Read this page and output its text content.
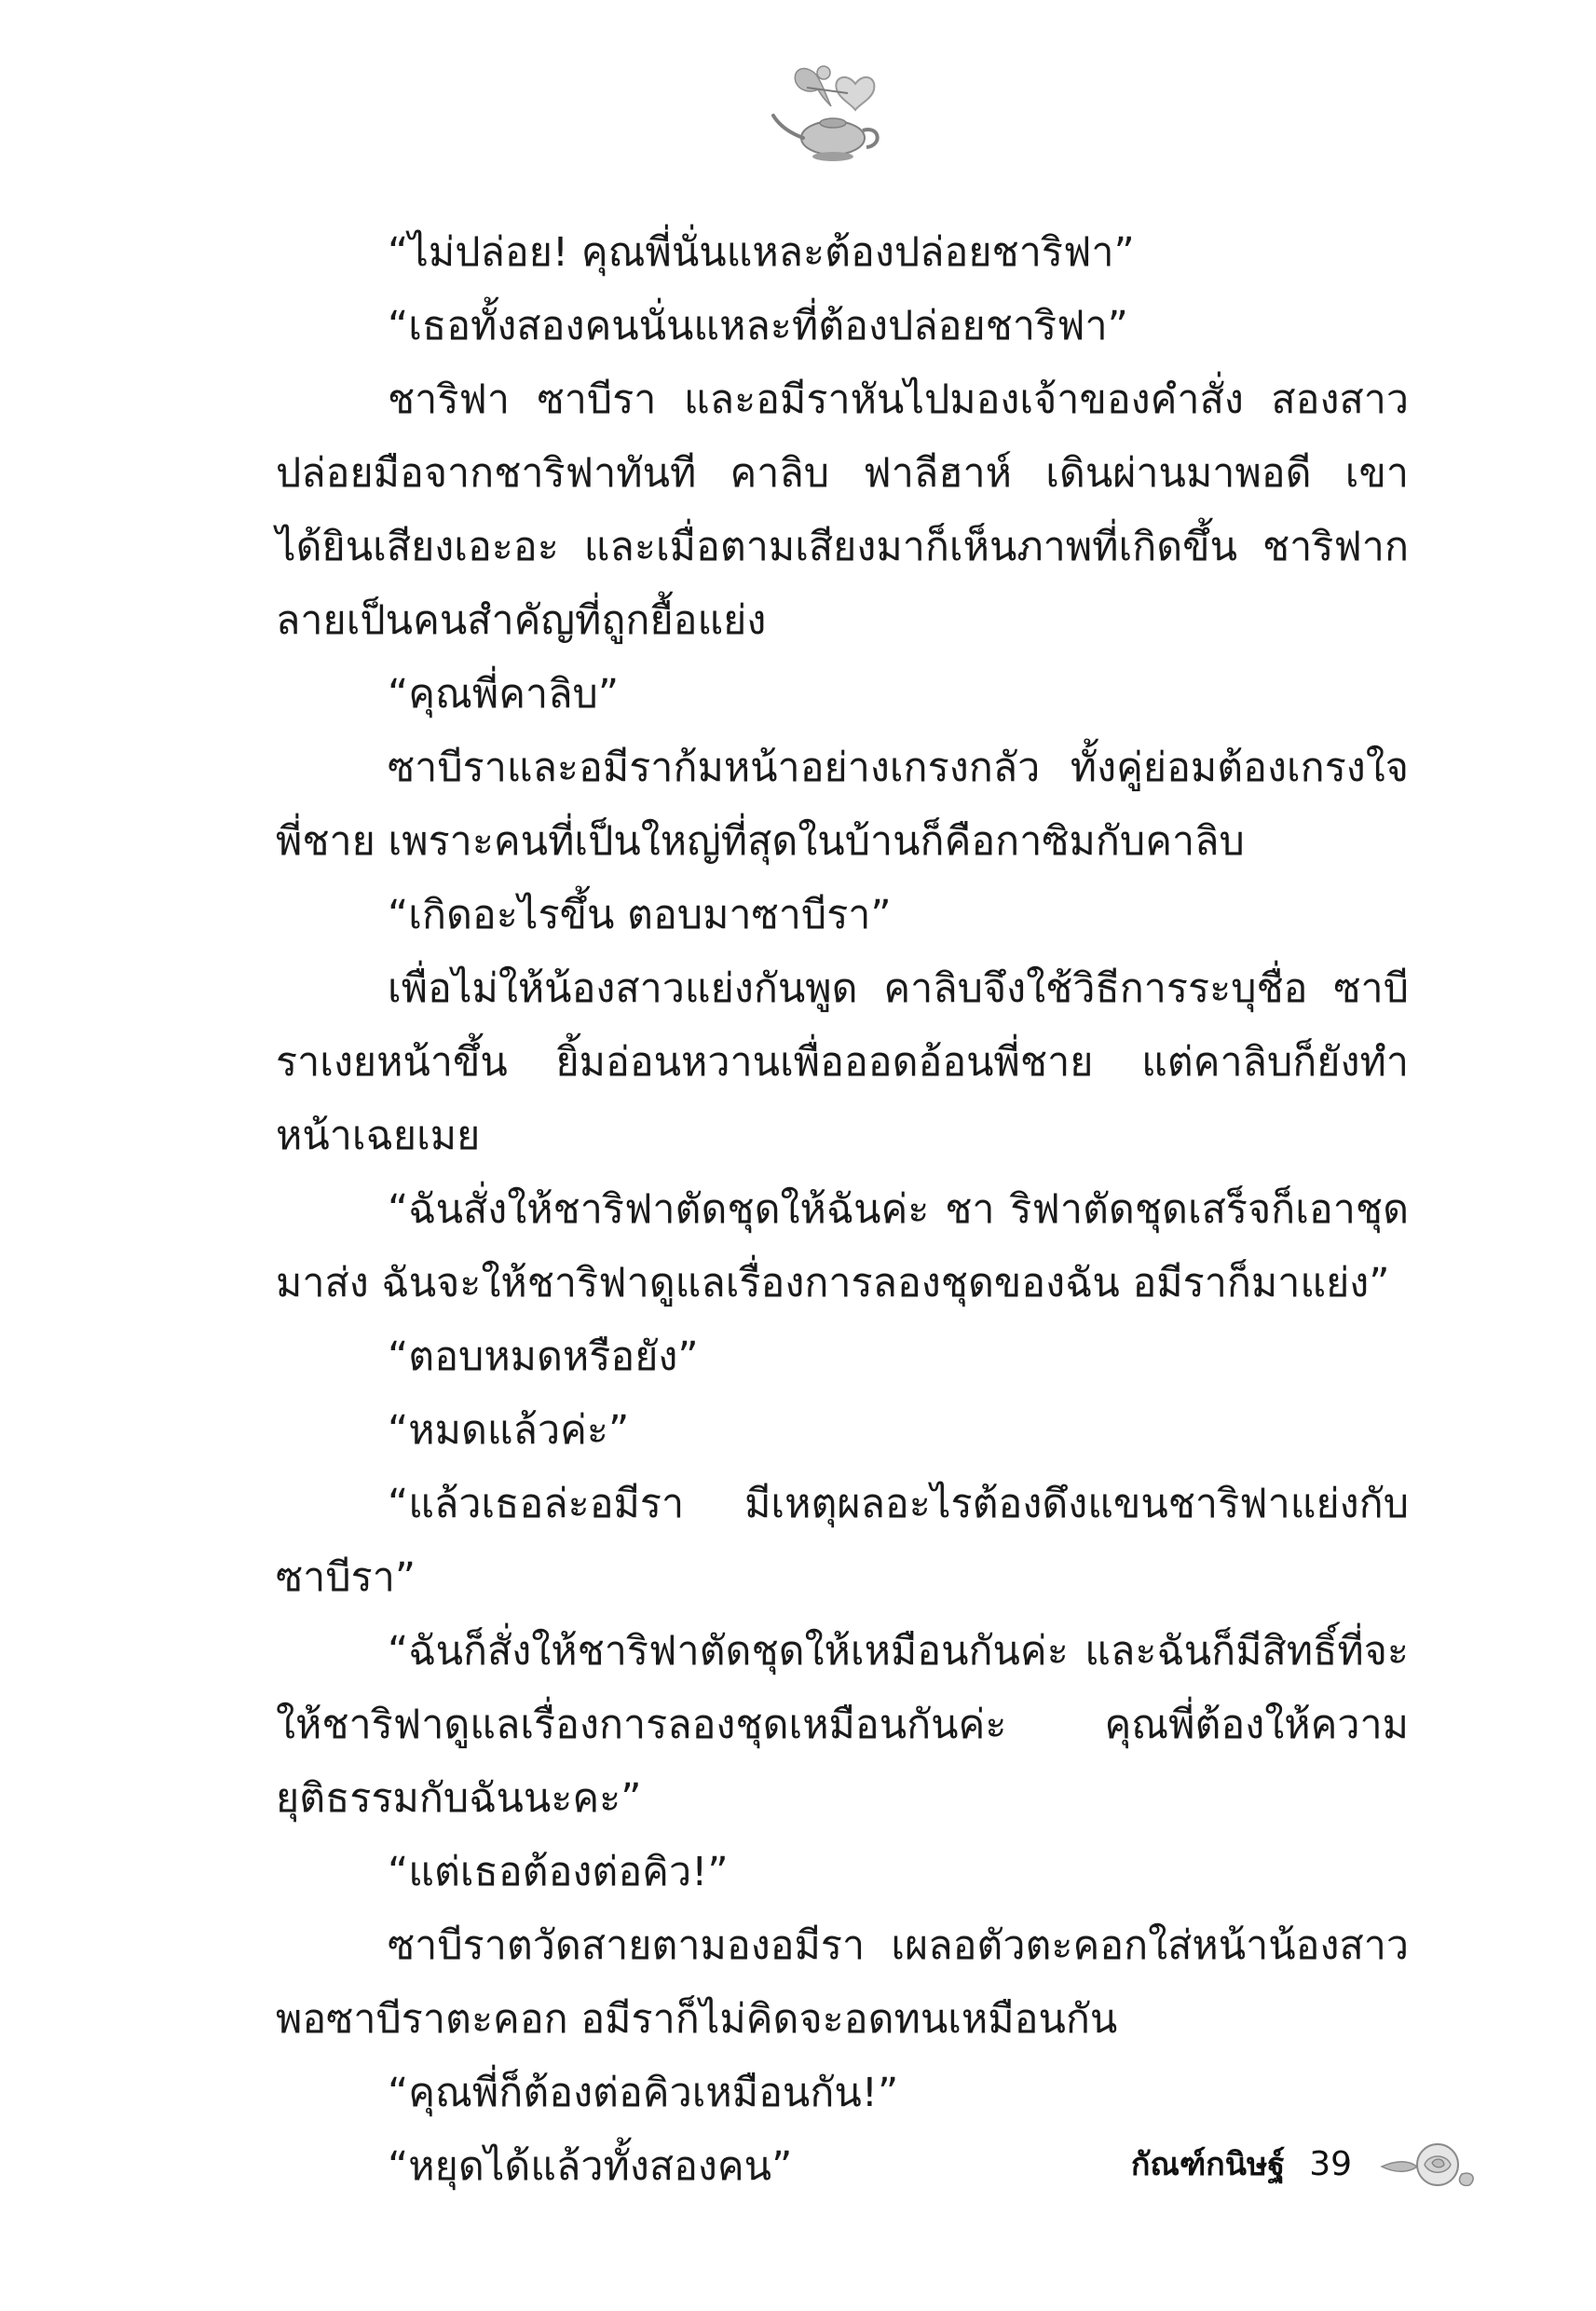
“ไม่ปล่อย! คุณพี่นั่นแหละต้องปล่อยชาริฟา”

“เธอทั้งสองคนนั่นแหละที่ต้องปล่อยชาริฟา”

ชาริฟา ซาบีรา และอมีราหันไปมองเจ้าของคำสั่ง สองสาวปล่อยมือจากชาริฟาทันที คาลิบ ฟาลีฮาห์ เดินผ่านมาพอดี เขาได้ยินเสียงเอะอะ และเมื่อตามเสียงมาก็เห็นภาพที่เกิดขึ้น ชาริฟากลายเป็นคนสำคัญที่ถูกยื้อแย่ง

“คุณพี่คาลิบ”

ซาบีราและอมีราก้มหน้าอย่างเกรงกลัว ทั้งคู่ย่อมต้องเกรงใจพี่ชาย เพราะคนที่เป็นใหญ่ที่สุดในบ้านก็คือกาซิมกับคาลิบ

“เกิดอะไรขึ้น ตอบมาซาบีรา”

เพื่อไม่ให้น้องสาวแย่งกันพูด คาลิบจึงใช้วิธีการระบุชื่อ ซาบีราเงยหน้าขึ้น ยิ้มอ่อนหวานเพื่อออดอ้อนพี่ชาย แต่คาลิบก็ยังทำหน้าเฉยเมย

“ฉันสั่งให้ชาริฟาตัดชุดให้ฉันค่ะ ชา ริฟาตัดชุดเสร็จก็เอาชุดมาส่ง ฉันจะให้ชาริฟาดูแลเรื่องการลองชุดของฉัน อมีราก็มาแย่ง”

“ตอบหมดหรือยัง”

“หมดแล้วค่ะ”

“แล้วเธอล่ะอมีรา มีเหตุผลอะไรต้องดึงแขนชาริฟาแย่งกับซาบีรา”

“ฉันก็สั่งให้ชาริฟาตัดชุดให้เหมือนกันค่ะ และฉันก็มีสิทธิ์ที่จะให้ชาริฟาดูแลเรื่องการลองชุดเหมือนกันค่ะ คุณพี่ต้องให้ความยุติธรรมกับฉันนะคะ”

“แต่เธอต้องต่อคิว!”

ซาบีราตวัดสายตามองอมีรา เผลอตัวตะคอกใส่หน้าน้องสาว พอซาบีราตะคอก อมีราก็ไม่คิดจะอดทนเหมือนกัน

“คุณพี่ก็ต้องต่อคิวเหมือนกัน!”

“หยุดได้แล้วทั้งสองคน”	กัณฑ์กนิษฐ์ 39
